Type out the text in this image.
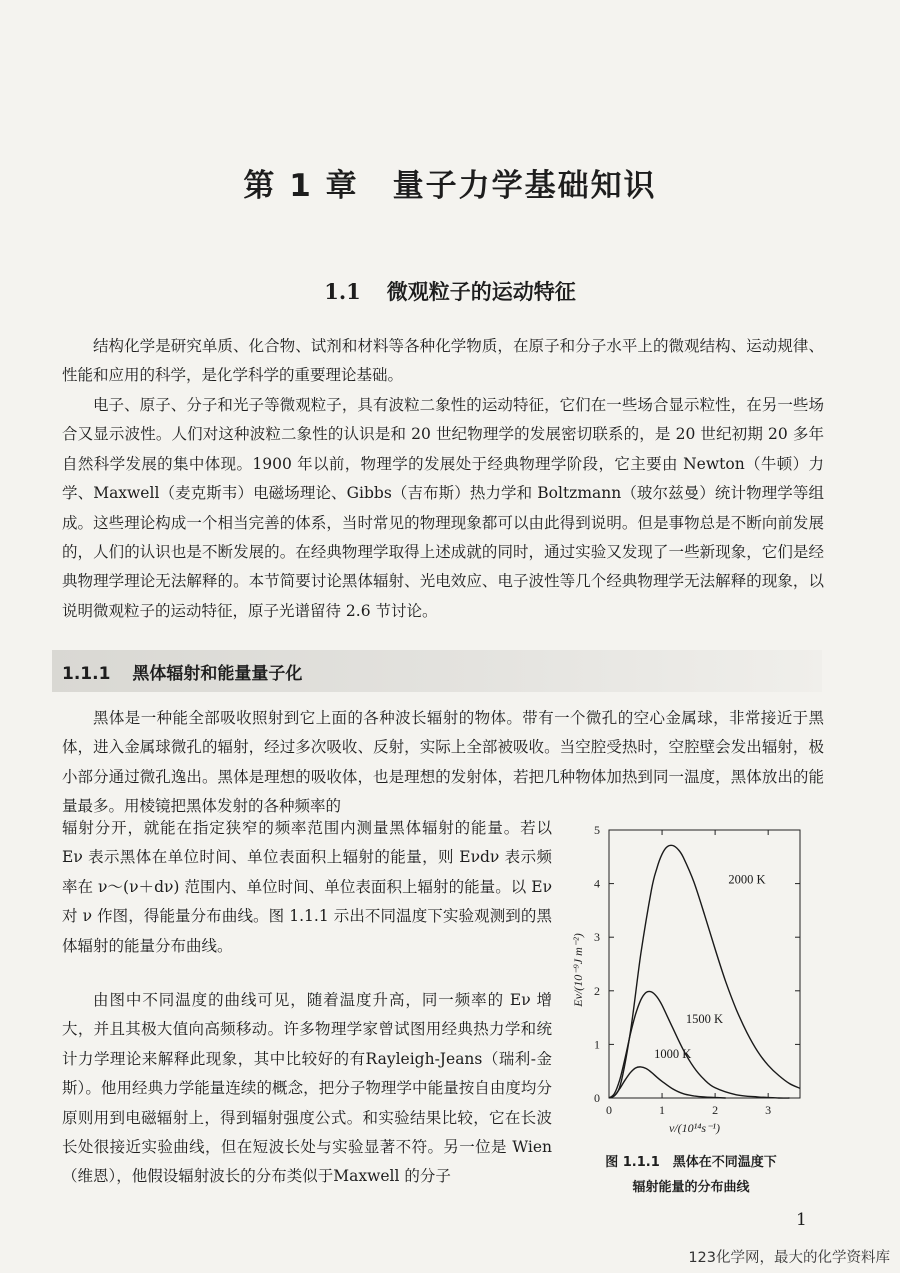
第 1 章 量子力学基础知识
1.1 微观粒子的运动特征

结构化学是研究单质、化合物、试剂和材料等各种化学物质，在原子和分子水平上的微观结构、运动规律、性能和应用的科学，是化学科学的重要理论基础。

电子、原子、分子和光子等微观粒子，具有波粒二象性的运动特征，它们在一些场合显示粒性，在另一些场合又显示波性。人们对这种波粒二象性的认识是和 20 世纪物理学的发展密切联系的，是 20 世纪初期 20 多年自然科学发展的集中体现。1900 年以前，物理学的发展处于经典物理学阶段，它主要由 Newton（牛顿）力学、Maxwell（麦克斯韦）电磁场理论、Gibbs（吉布斯）热力学和 Boltzmann（玻尔兹曼）统计物理学等组成。这些理论构成一个相当完善的体系，当时常见的物理现象都可以由此得到说明。但是事物总是不断向前发展的，人们的认识也是不断发展的。在经典物理学取得上述成就的同时，通过实验又发现了一些新现象，它们是经典物理学理论无法解释的。本节简要讨论黑体辐射、光电效应、电子波性等几个经典物理学无法解释的现象，以说明微观粒子的运动特征，原子光谱留待 2.6 节讨论。

1.1.1 黑体辐射和能量量子化

黑体是一种能全部吸收照射到它上面的各种波长辐射的物体。带有一个微孔的空心金属球，非常接近于黑体，进入金属球微孔的辐射，经过多次吸收、反射，实际上全部被吸收。当空腔受热时，空腔壁会发出辐射，极小部分通过微孔逸出。黑体是理想的吸收体，也是理想的发射体，若把几种物体加热到同一温度，黑体放出的能量最多。用棱镜把黑体发射的各种频率的

辐射分开，就能在指定狭窄的频率范围内测量黑体辐射的能量。若以 Eν 表示黑体在单位时间、单位表面积上辐射的能量，则 Eνdν 表示频率在 ν～(ν＋dν) 范围内、单位时间、单位表面积上辐射的能量。以 Eν 对 ν 作图，得能量分布曲线。图 1.1.1 示出不同温度下实验观测到的黑体辐射的能量分布曲线。

由图中不同温度的曲线可见，随着温度升高，同一频率的 Eν 增大，并且其极大值向高频移动。许多物理学家曾试图用经典热力学和统计力学理论来解释此现象，其中比较好的有Rayleigh-Jeans（瑞利-金斯）。他用经典力学能量连续的概念，把分子物理学中能量按自由度均分原则用到电磁辐射上，得到辐射强度公式。和实验结果比较，它在长波长处很接近实验曲线，但在短波长处与实验显著不符。另一位是 Wien（维恩），他假设辐射波长的分布类似于Maxwell 的分子

0
1
2
3
4
5
0	1	2	3
2000 K
1500 K
1000 K
ν/(10¹⁴s⁻¹)
Eν/(10⁻⁹J m⁻²)
图 1.1.1　黑体在不同温度下
辐射能量的分布曲线

1

123化学网，最大的化学资料库
